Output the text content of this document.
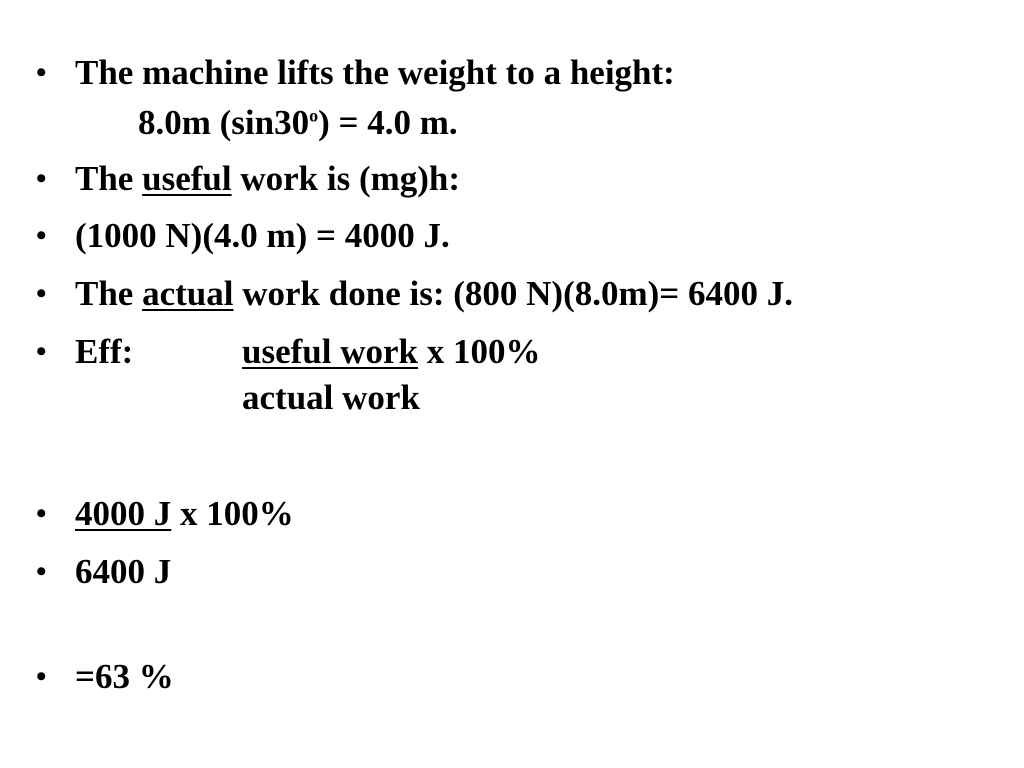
• The machine lifts the weight to a height:
8.0m $(\sin 30^o) = 4.0$ m.
• The useful work is (mg)h:
• (1000 N)(4.0 m) = 4000 J.
• The actual work done is: (800 N)(8.0m)= 6400 J.
• Eff:	useful work x 100%
actual work
• 4000 J x 100%
• 6400 J
• =63 %
